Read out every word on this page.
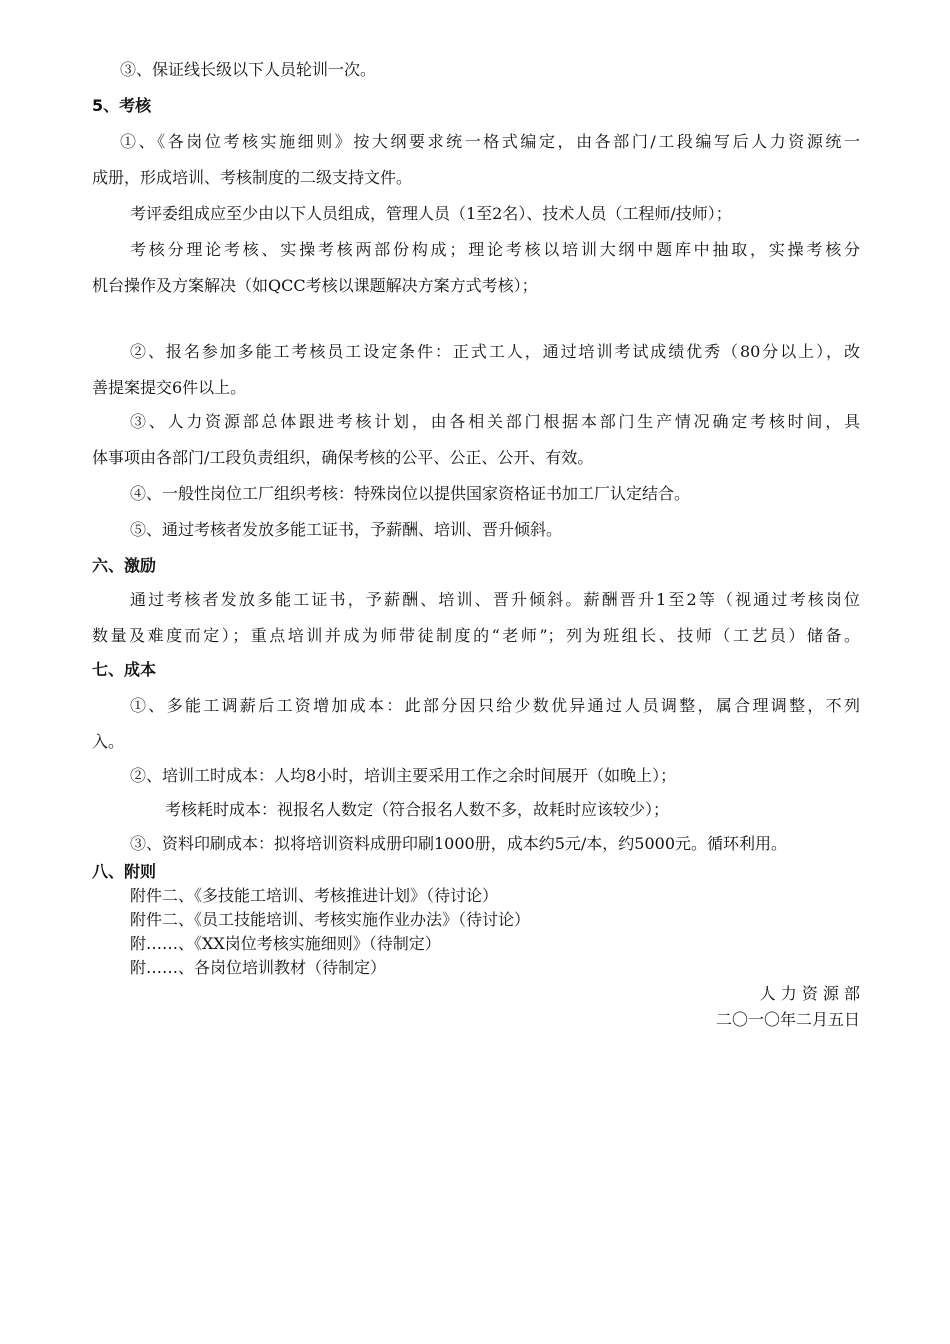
③、保证线长级以下人员轮训一次。
5、考核
①、《各岗位考核实施细则》按大纲要求统一格式编定，由各部门/工段编写后人力资源统一
成册，形成培训、考核制度的二级支持文件。
考评委组成应至少由以下人员组成，管理人员（1至2名）、技术人员（工程师/技师）；
考核分理论考核、实操考核两部份构成；理论考核以培训大纲中题库中抽取，实操考核分
机台操作及方案解决（如QCC考核以课题解决方案方式考核）；
②、报名参加多能工考核员工设定条件：正式工人，通过培训考试成绩优秀（80分以上），改
善提案提交6件以上。
③、人力资源部总体跟进考核计划，由各相关部门根据本部门生产情况确定考核时间，具
体事项由各部门/工段负责组织，确保考核的公平、公正、公开、有效。
④、一般性岗位工厂组织考核：特殊岗位以提供国家资格证书加工厂认定结合。
⑤、通过考核者发放多能工证书，予薪酬、培训、晋升倾斜。
六、激励
通过考核者发放多能工证书，予薪酬、培训、晋升倾斜。薪酬晋升1至2等（视通过考核岗位
数量及难度而定）；重点培训并成为师带徒制度的“老师”；列为班组长、技师（工艺员）储备。
七、成本
①、多能工调薪后工资增加成本：此部分因只给少数优异通过人员调整，属合理调整，不列
入。
②、培训工时成本：人均8小时，培训主要采用工作之余时间展开（如晚上）；
考核耗时成本：视报名人数定（符合报名人数不多，故耗时应该较少）；
③、资料印刷成本：拟将培训资料成册印刷1000册，成本约5元/本，约5000元。循环利用。
八、附则
附件二、《多技能工培训、考核推进计划》（待讨论）
附件二、《员工技能培训、考核实施作业办法》（待讨论）
附……、《XX岗位考核实施细则》（待制定）
附……、各岗位培训教材（待制定）
人 力 资 源 部
二〇一〇年二月五日
